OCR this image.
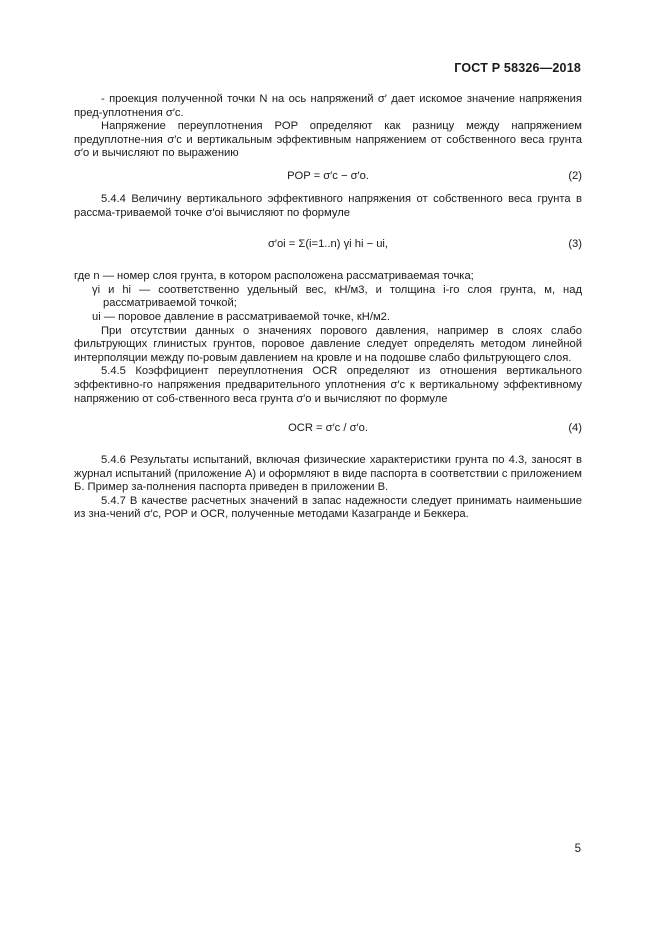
ГОСТ Р 58326—2018

- проекция полученной точки N на ось напряжений σ′ дает искомое значение напряжения пред-уплотнения σ′c.

Напряжение переуплотнения POP определяют как разницу между напряжением предуплотне-ния σ′c и вертикальным эффективным напряжением от собственного веса грунта σ′o и вычисляют по выражению

POP = σ′c − σ′o.	(2)

5.4.4 Величину вертикального эффективного напряжения от собственного веса грунта в рассма-триваемой точке σ′oi вычисляют по формуле

σ′oi = Σ(i=1..n) γi hi − ui,	(3)

где n — номер слоя грунта, в котором расположена рассматриваемая точка;

γi и hi — соответственно удельный вес, кН/м3, и толщина i-го слоя грунта, м, над рассматриваемой точкой;

ui — поровое давление в рассматриваемой точке, кН/м2.

При отсутствии данных о значениях порового давления, например в слоях слабо фильтрующих глинистых грунтов, поровое давление следует определять методом линейной интерполяции между по-ровым давлением на кровле и на подошве слабо фильтрующего слоя.

5.4.5 Коэффициент переуплотнения OCR определяют из отношения вертикального эффективно-го напряжения предварительного уплотнения σ′c к вертикальному эффективному напряжению от соб-ственного веса грунта σ′o и вычисляют по формуле

OCR = σ′c / σ′o.	(4)

5.4.6 Результаты испытаний, включая физические характеристики грунта по 4.3, заносят в журнал испытаний (приложение А) и оформляют в виде паспорта в соответствии с приложением Б. Пример за-полнения паспорта приведен в приложении В.

5.4.7 В качестве расчетных значений в запас надежности следует принимать наименьшие из зна-чений σ′c, POP и OCR, полученные методами Казагранде и Беккера.

5
